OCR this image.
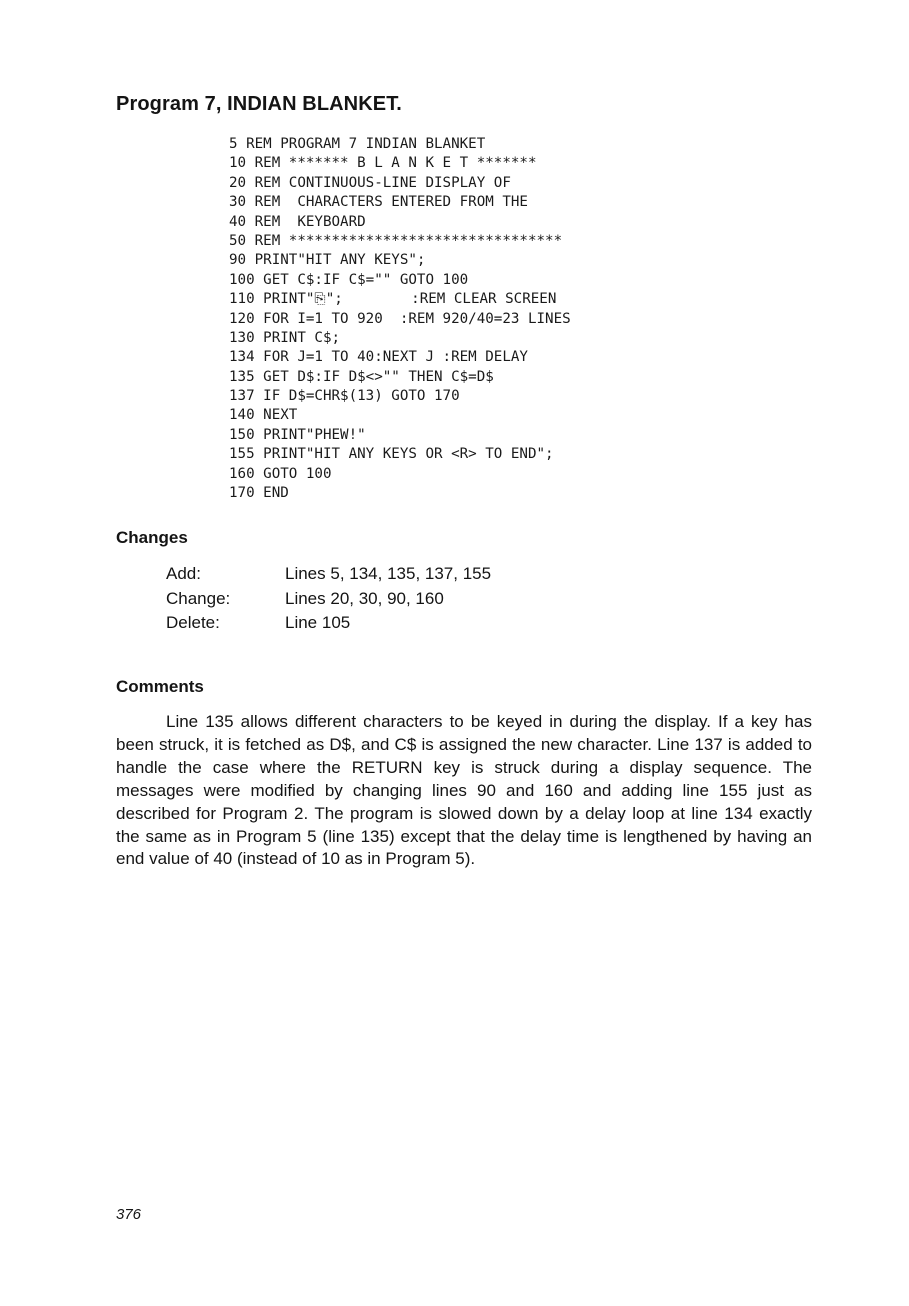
Program 7, INDIAN BLANKET.
5 REM PROGRAM 7 INDIAN BLANKET
10 REM ******* B L A N K E T *******
20 REM CONTINUOUS-LINE DISPLAY OF
30 REM  CHARACTERS ENTERED FROM THE
40 REM  KEYBOARD
50 REM ********************************
90 PRINT"HIT ANY KEYS";
100 GET C$:IF C$="" GOTO 100
110 PRINT"⎘";        :REM CLEAR SCREEN
120 FOR I=1 TO 920  :REM 920/40=23 LINES
130 PRINT C$;
134 FOR J=1 TO 40:NEXT J :REM DELAY
135 GET D$:IF D$<>"" THEN C$=D$
137 IF D$=CHR$(13) GOTO 170
140 NEXT
150 PRINT"PHEW!"
155 PRINT"HIT ANY KEYS OR <R> TO END";
160 GOTO 100
170 END
Changes
Add:	Lines 5, 134, 135, 137, 155
Change:	Lines 20, 30, 90, 160
Delete:	Line 105
Comments
Line 135 allows different characters to be keyed in during the display. If a key has been struck, it is fetched as D$, and C$ is assigned the new character. Line 137 is added to handle the case where the RETURN key is struck during a display sequence. The messages were modified by changing lines 90 and 160 and adding line 155 just as described for Program 2. The program is slowed down by a delay loop at line 134 exactly the same as in Program 5 (line 135) except that the delay time is lengthened by having an end value of 40 (instead of 10 as in Program 5).
376
